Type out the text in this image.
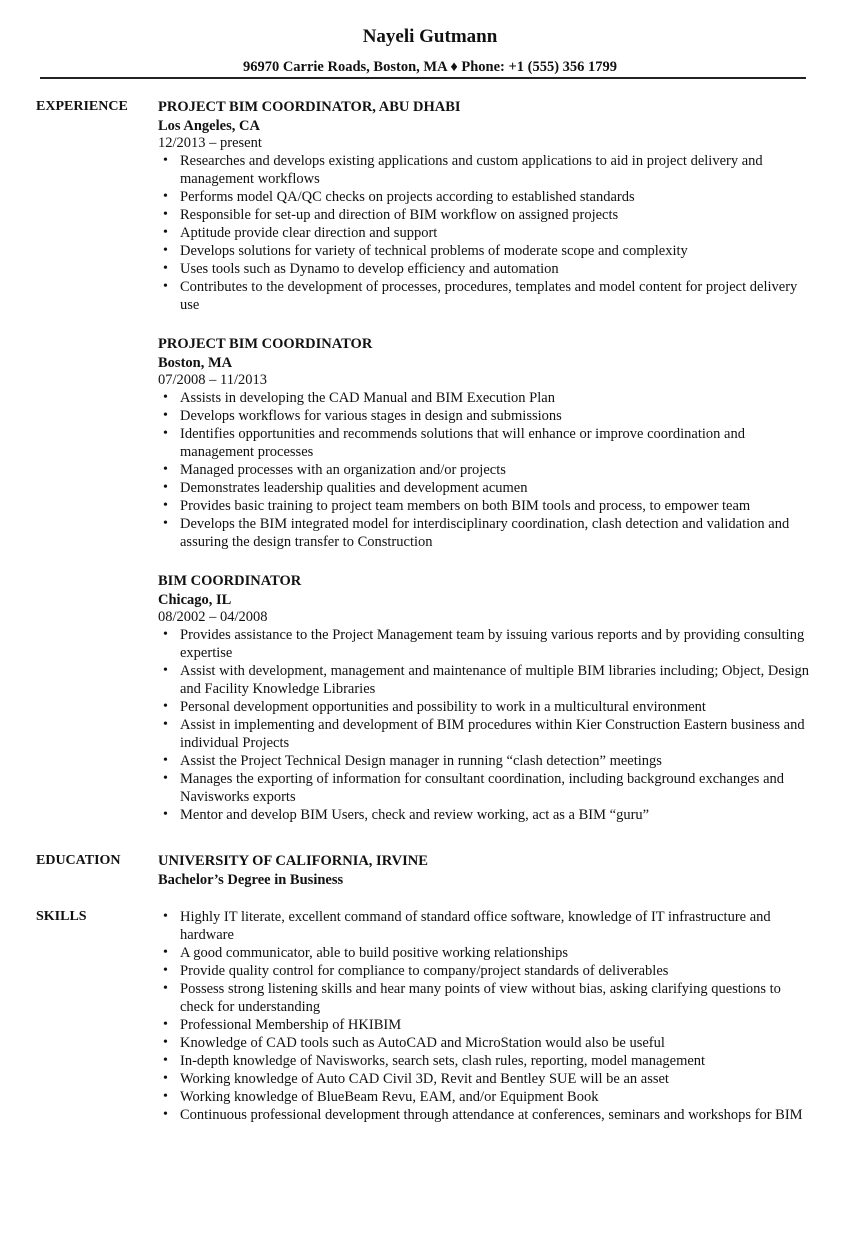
Nayeli Gutmann
96970 Carrie Roads, Boston, MA ♦ Phone: +1 (555) 356 1799
EXPERIENCE PROJECT BIM COORDINATOR, ABU DHABI
Los Angeles, CA
12/2013 – present
• Researches and develops existing applications and custom applications to aid in project delivery and management workflows
• Performs model QA/QC checks on projects according to established standards
• Responsible for set-up and direction of BIM workflow on assigned projects
• Aptitude provide clear direction and support
• Develops solutions for variety of technical problems of moderate scope and complexity
• Uses tools such as Dynamo to develop efficiency and automation
• Contributes to the development of processes, procedures, templates and model content for project delivery use
PROJECT BIM COORDINATOR
Boston, MA
07/2008 – 11/2013
• Assists in developing the CAD Manual and BIM Execution Plan
• Develops workflows for various stages in design and submissions
• Identifies opportunities and recommends solutions that will enhance or improve coordination and management processes
• Managed processes with an organization and/or projects
• Demonstrates leadership qualities and development acumen
• Provides basic training to project team members on both BIM tools and process, to empower team
• Develops the BIM integrated model for interdisciplinary coordination, clash detection and validation and assuring the design transfer to Construction
BIM COORDINATOR
Chicago, IL
08/2002 – 04/2008
• Provides assistance to the Project Management team by issuing various reports and by providing consulting expertise
• Assist with development, management and maintenance of multiple BIM libraries including; Object, Design and Facility Knowledge Libraries
• Personal development opportunities and possibility to work in a multicultural environment
• Assist in implementing and development of BIM procedures within Kier Construction Eastern business and individual Projects
• Assist the Project Technical Design manager in running “clash detection” meetings
• Manages the exporting of information for consultant coordination, including background exchanges and Navisworks exports
• Mentor and develop BIM Users, check and review working, act as a BIM “guru”
EDUCATION	UNIVERSITY OF CALIFORNIA, IRVINE
Bachelor’s Degree in Business
SKILLS
•	Highly IT literate, excellent command of standard office software, knowledge of IT infrastructure and hardware
• A good communicator, able to build positive working relationships
• Provide quality control for compliance to company/project standards of deliverables
• Possess strong listening skills and hear many points of view without bias, asking clarifying questions to check for understanding
• Professional Membership of HKIBIM
• Knowledge of CAD tools such as AutoCAD and MicroStation would also be useful
• In-depth knowledge of Navisworks, search sets, clash rules, reporting, model management
• Working knowledge of Auto CAD Civil 3D, Revit and Bentley SUE will be an asset
• Working knowledge of BlueBeam Revu, EAM, and/or Equipment Book
• Continuous professional development through attendance at conferences, seminars and workshops for BIM
